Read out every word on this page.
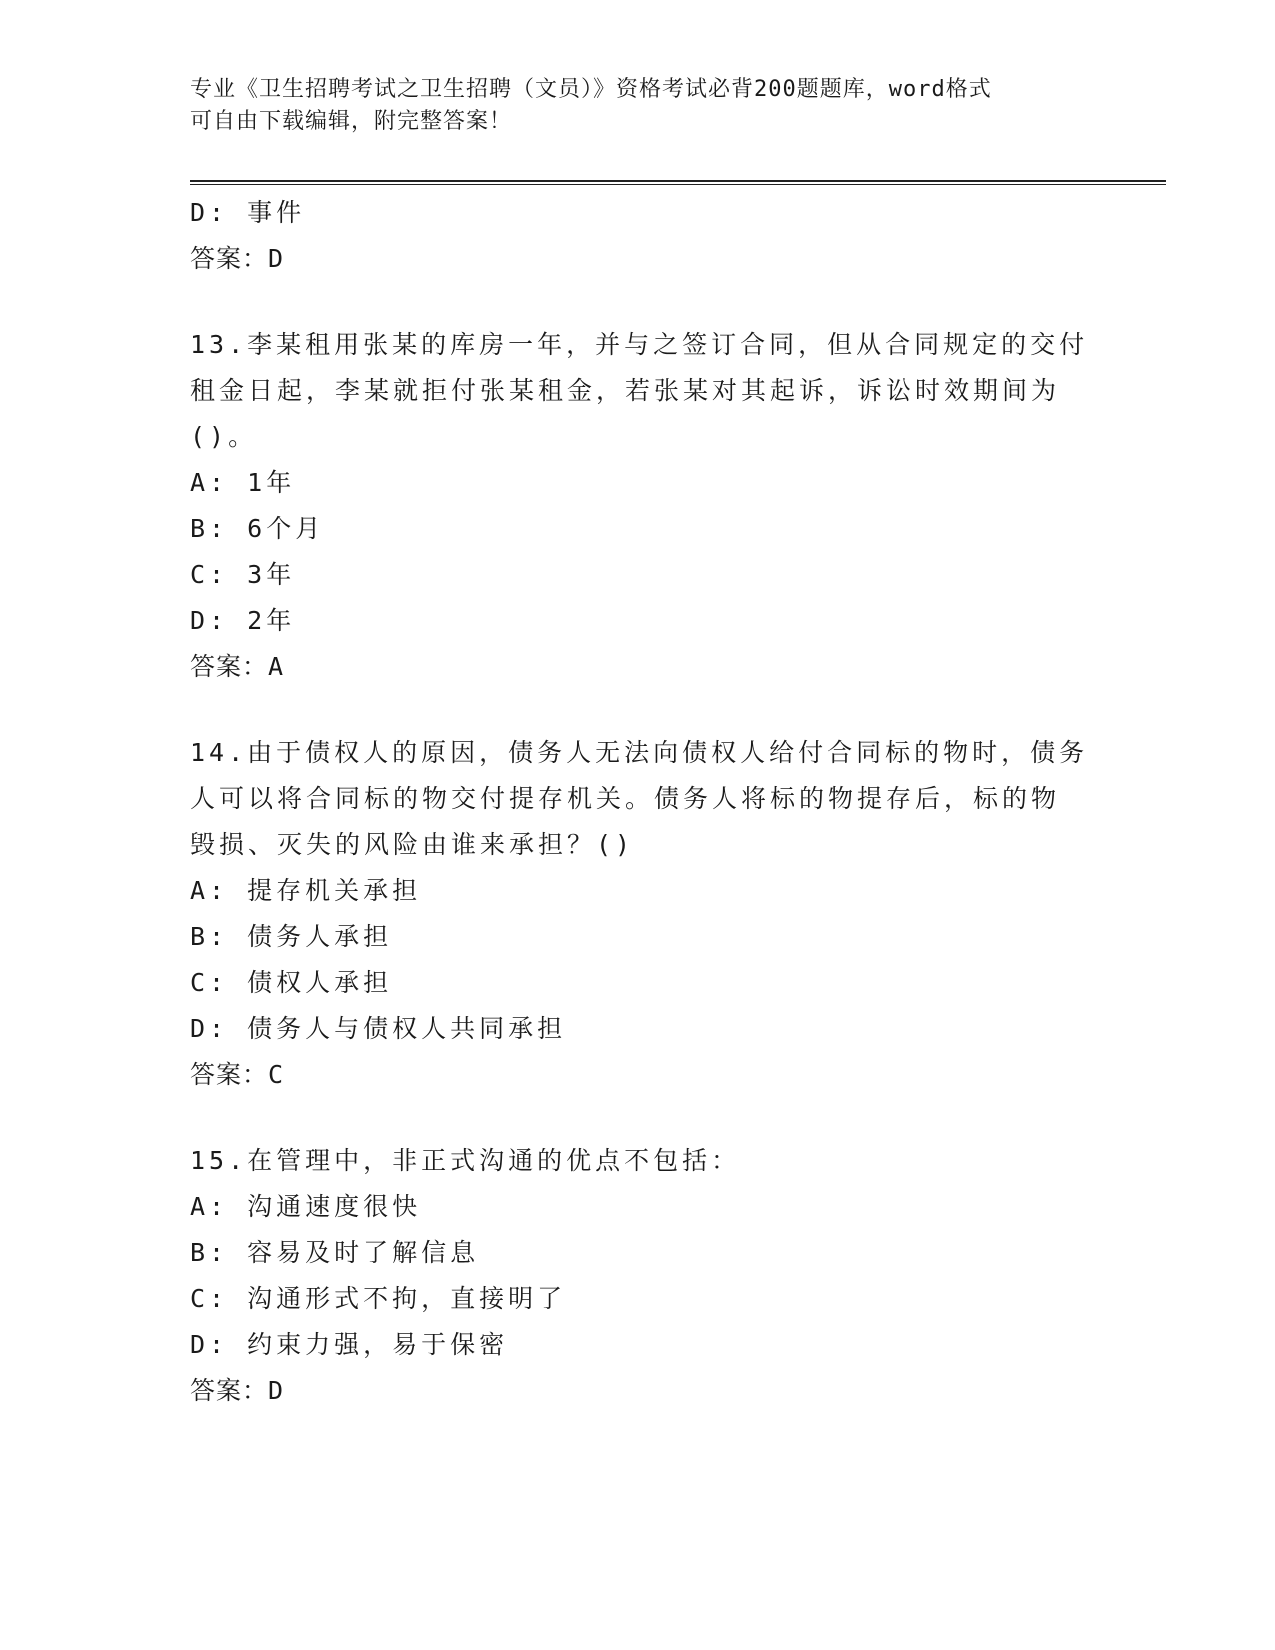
专业《卫生招聘考试之卫生招聘（文员）》资格考试必背200题题库，word格式
可自由下载编辑，附完整答案！
D: 事件
答案：D
13.李某租用张某的库房一年，并与之签订合同，但从合同规定的交付
租金日起，李某就拒付张某租金，若张某对其起诉，诉讼时效期间为
()。
A: 1年
B: 6个月
C: 3年
D: 2年
答案：A
14.由于债权人的原因，债务人无法向债权人给付合同标的物时，债务
人可以将合同标的物交付提存机关。债务人将标的物提存后，标的物
毁损、灭失的风险由谁来承担？()
A: 提存机关承担
B: 债务人承担
C: 债权人承担
D: 债务人与债权人共同承担
答案：C
15.在管理中，非正式沟通的优点不包括：
A: 沟通速度很快
B: 容易及时了解信息
C: 沟通形式不拘，直接明了
D: 约束力强，易于保密
答案：D
